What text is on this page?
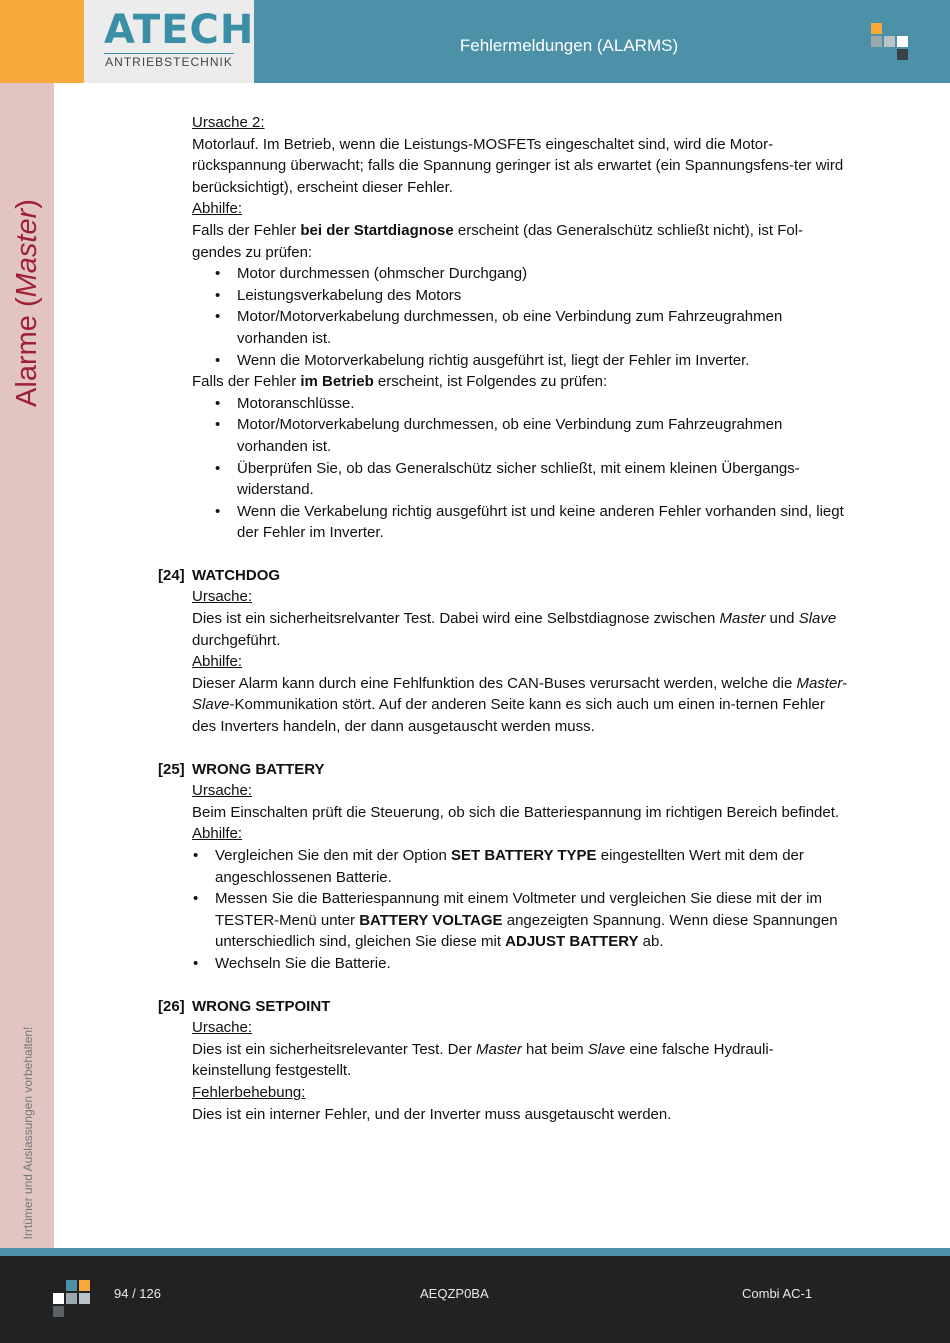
ATECH
ANTRIEBSTECHNIK
Fehlermeldungen (ALARMS)
Alarme (Master)
Irrtümer und Auslassungen vorbehalten!

Ursache 2:

Motorlauf. Im Betrieb, wenn die Leistungs-MOSFETs eingeschaltet sind, wird die Motor-rückspannung überwacht; falls die Spannung geringer ist als erwartet (ein Spannungsfens-ter wird berücksichtigt), erscheint dieser Fehler.

Abhilfe:

Falls der Fehler bei der Startdiagnose erscheint (das Generalschütz schließt nicht), ist Fol-gendes zu prüfen:

• Motor durchmessen (ohmscher Durchgang)
• Leistungsverkabelung des Motors
• Motor/Motorverkabelung durchmessen, ob eine Verbindung zum Fahrzeugrahmen vorhanden ist.
• Wenn die Motorverkabelung richtig ausgeführt ist, liegt der Fehler im Inverter.

Falls der Fehler im Betrieb erscheint, ist Folgendes zu prüfen:

• Motoranschlüsse.
• Motor/Motorverkabelung durchmessen, ob eine Verbindung zum Fahrzeugrahmen vorhanden ist.
• Überprüfen Sie, ob das Generalschütz sicher schließt, mit einem kleinen Übergangs-widerstand.
• Wenn die Verkabelung richtig ausgeführt ist und keine anderen Fehler vorhanden sind, liegt der Fehler im Inverter.
[24] WATCHDOG

Ursache:

Dies ist ein sicherheitsrelvanter Test. Dabei wird eine Selbstdiagnose zwischen Master und Slave durchgeführt.

Abhilfe:

Dieser Alarm kann durch eine Fehlfunktion des CAN-Buses verursacht werden, welche die Master-Slave-Kommunikation stört. Auf der anderen Seite kann es sich auch um einen in-ternen Fehler des Inverters handeln, der dann ausgetauscht werden muss.

[25] WRONG BATTERY

Ursache:

Beim Einschalten prüft die Steuerung, ob sich die Batteriespannung im richtigen Bereich befindet.

Abhilfe:

• Vergleichen Sie den mit der Option SET BATTERY TYPE eingestellten Wert mit dem der angeschlossenen Batterie.
• Messen Sie die Batteriespannung mit einem Voltmeter und vergleichen Sie diese mit der im TESTER-Menü unter BATTERY VOLTAGE angezeigten Spannung. Wenn diese Spannungen unterschiedlich sind, gleichen Sie diese mit ADJUST BATTERY ab.
• Wechseln Sie die Batterie.
[26] WRONG SETPOINT

Ursache:

Dies ist ein sicherheitsrelevanter Test. Der Master hat beim Slave eine falsche Hydrauli-keinstellung festgestellt.

Fehlerbehebung:

Dies ist ein interner Fehler, und der Inverter muss ausgetauscht werden.

94 / 126	AEQZP0BA	Combi AC-1
